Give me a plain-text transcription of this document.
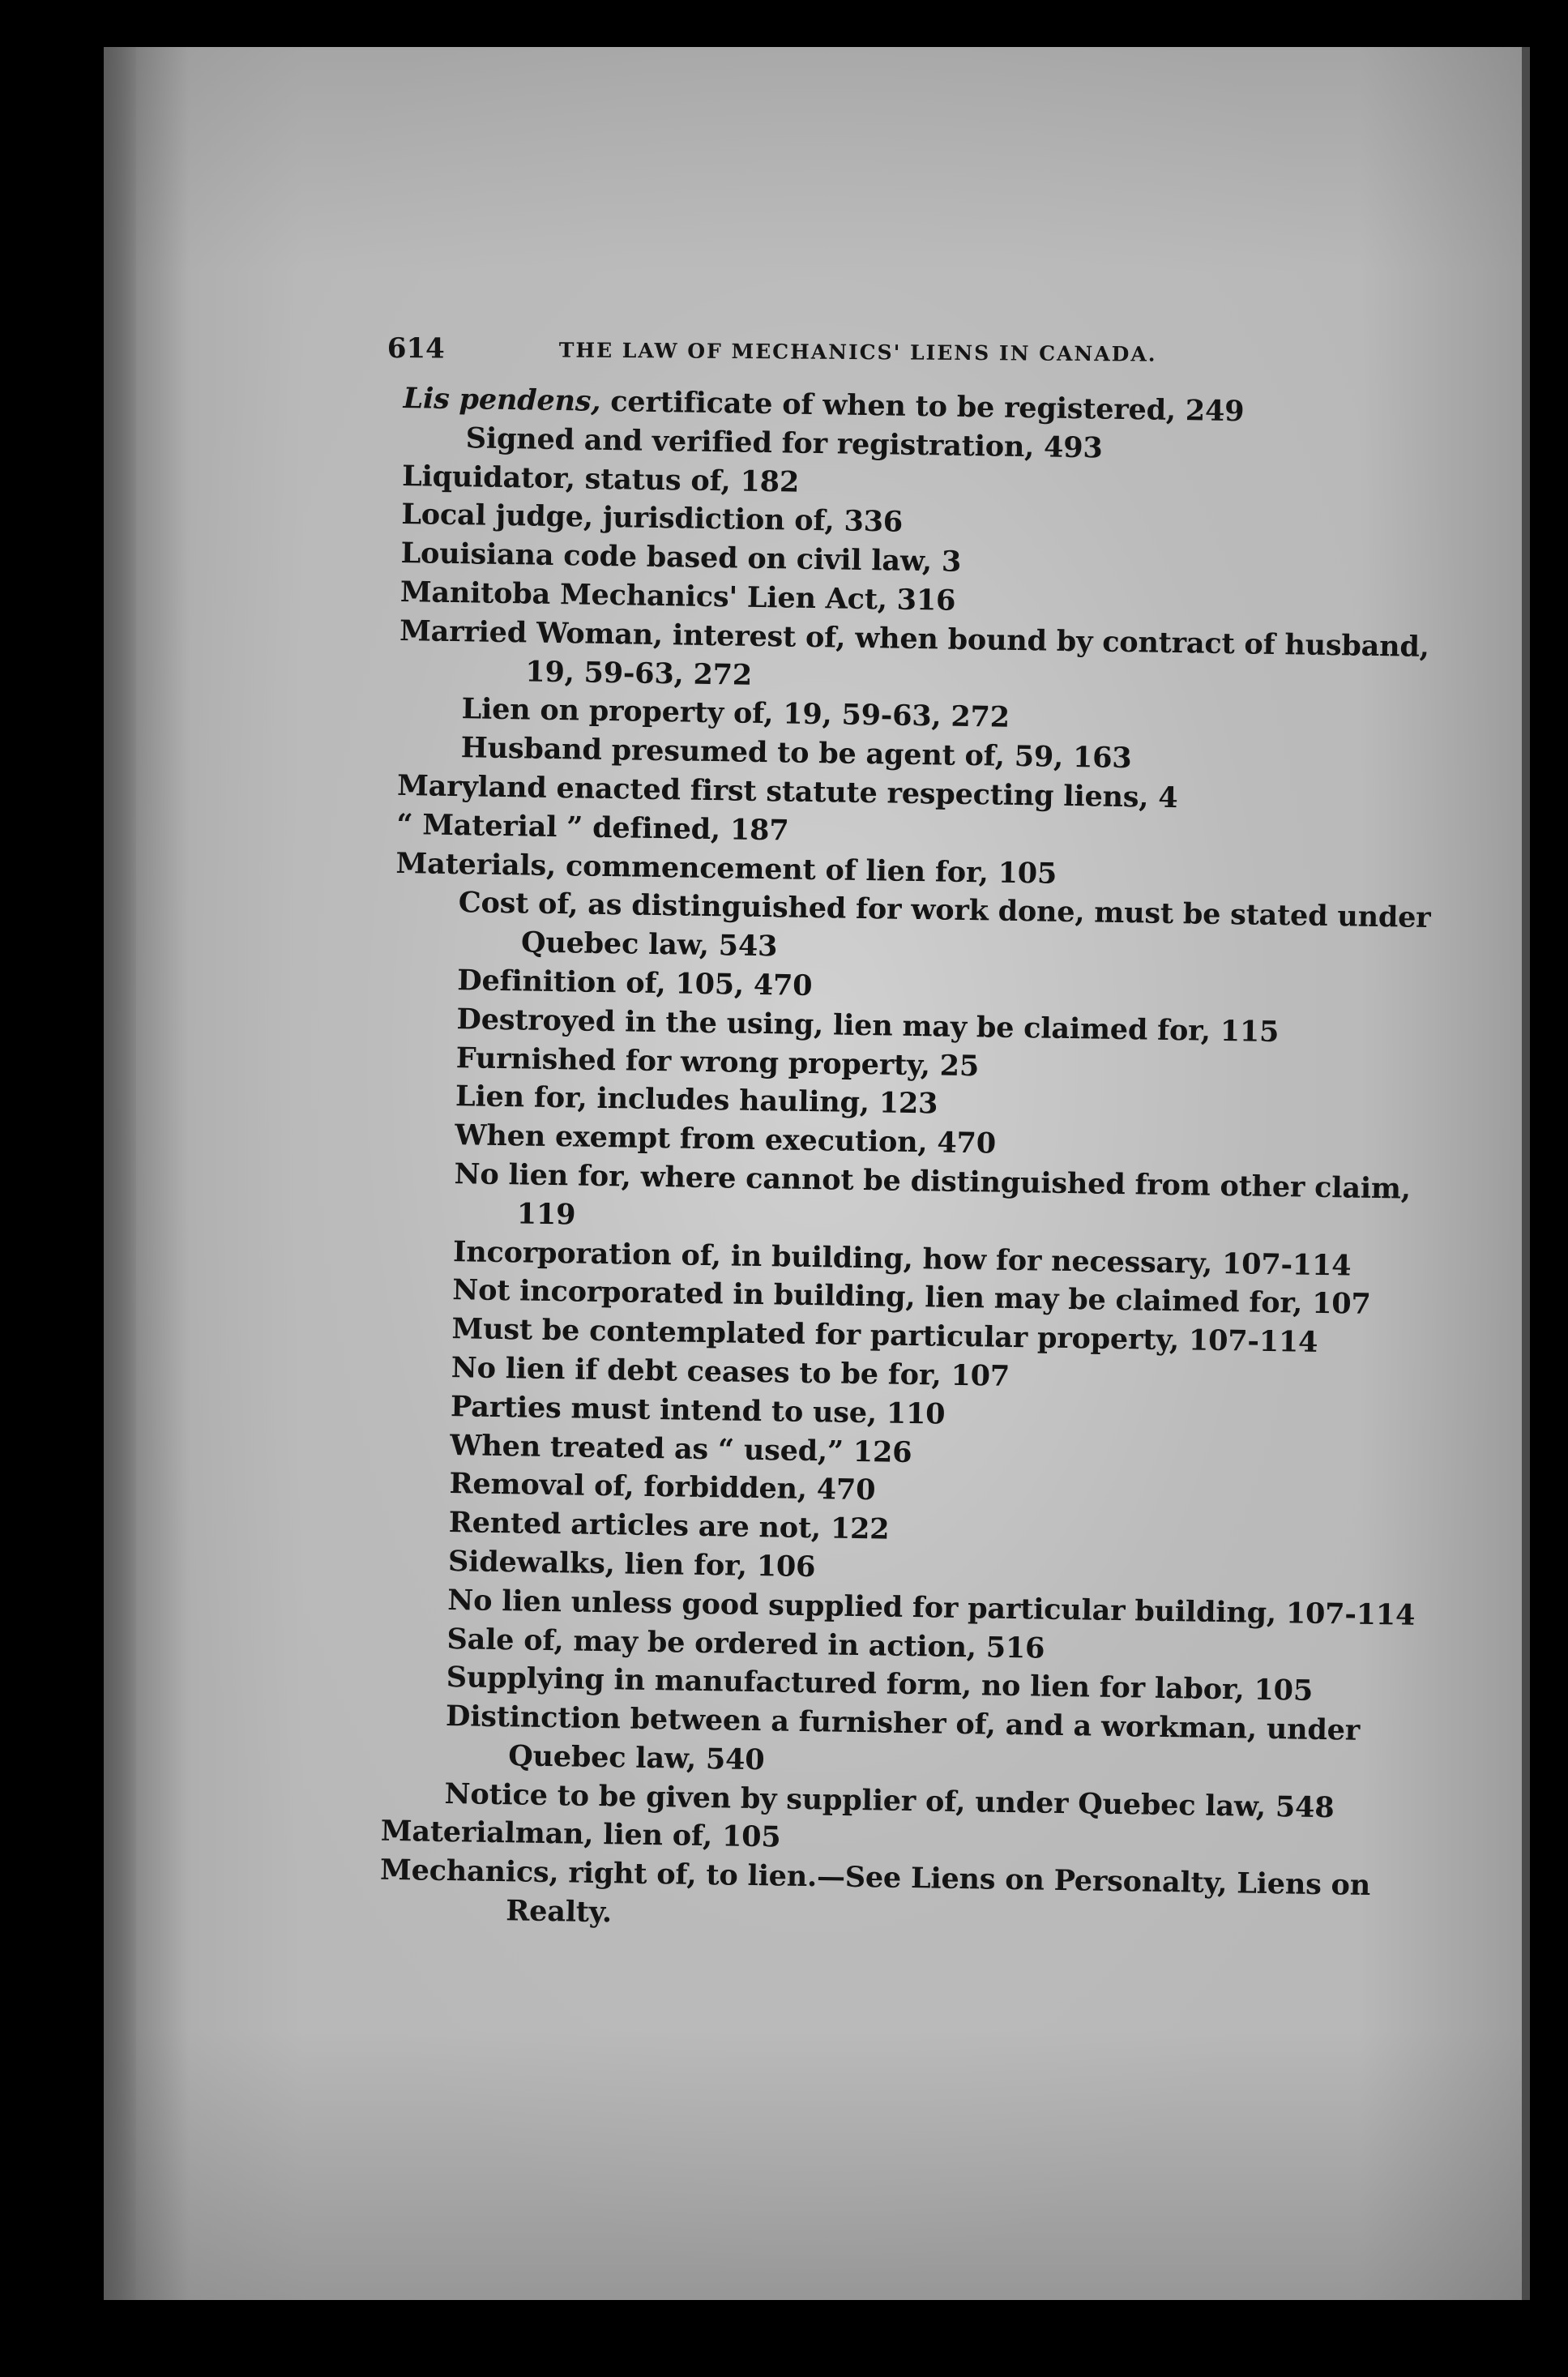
614	THE LAW OF MECHANICS' LIENS IN CANADA.
Lis pendens, certificate of when to be registered, 249
Signed and verified for registration, 493
Liquidator, status of, 182
Local judge, jurisdiction of, 336
Louisiana code based on civil law, 3
Manitoba Mechanics' Lien Act, 316
Married Woman, interest of, when bound by contract of husband,
19, 59-63, 272
Lien on property of, 19, 59-63, 272
Husband presumed to be agent of, 59, 163
Maryland enacted first statute respecting liens, 4
“ Material ” defined, 187
Materials, commencement of lien for, 105
Cost of, as distinguished for work done, must be stated under
Quebec law, 543
Definition of, 105, 470
Destroyed in the using, lien may be claimed for, 115
Furnished for wrong property, 25
Lien for, includes hauling, 123
When exempt from execution, 470
No lien for, where cannot be distinguished from other claim,
119
Incorporation of, in building, how for necessary, 107-114
Not incorporated in building, lien may be claimed for, 107
Must be contemplated for particular property, 107-114
No lien if debt ceases to be for, 107
Parties must intend to use, 110
When treated as “ used,” 126
Removal of, forbidden, 470
Rented articles are not, 122
Sidewalks, lien for, 106
No lien unless good supplied for particular building, 107-114
Sale of, may be ordered in action, 516
Supplying in manufactured form, no lien for labor, 105
Distinction between a furnisher of, and a workman, under
Quebec law, 540
Notice to be given by supplier of, under Quebec law, 548
Materialman, lien of, 105
Mechanics, right of, to lien.—See Liens on Personalty, Liens on
Realty.
